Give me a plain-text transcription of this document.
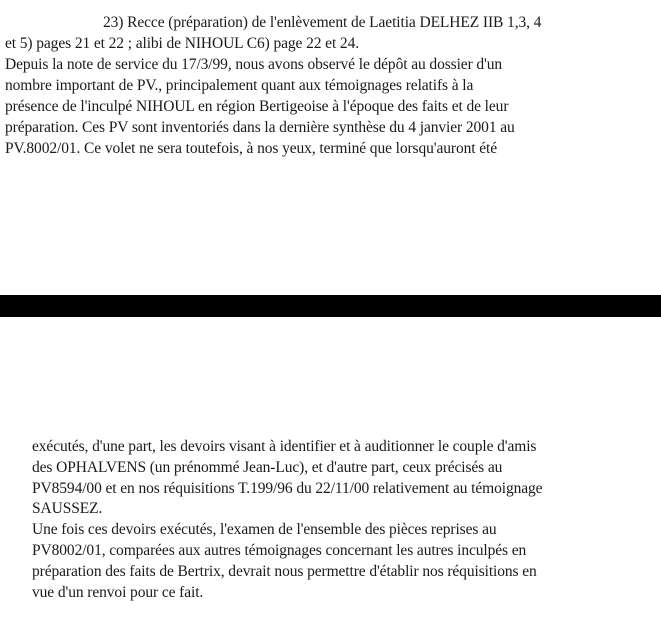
23) Recce (préparation) de l'enlèvement de Laetitia DELHEZ IIB 1,3, 4
et 5) pages 21 et 22 ; alibi de NIHOUL C6) page 22 et 24.
Depuis la note de service du 17/3/99, nous avons observé le dépôt au dossier d'un
nombre important de PV., principalement quant aux témoignages relatifs à la
présence de l'inculpé NIHOUL en région Bertigeoise à l'époque des faits et de leur
préparation. Ces PV sont inventoriés dans la dernière synthèse du 4 janvier 2001 au
PV.8002/01. Ce volet ne sera toutefois, à nos yeux, terminé que lorsqu'auront été
exécutés, d'une part, les devoirs visant à identifier et à auditionner le couple d'amis
des OPHALVENS (un prénommé Jean-Luc), et d'autre part, ceux précisés au
PV8594/00 et en nos réquisitions T.199/96 du 22/11/00 relativement au témoignage
SAUSSEZ.
Une fois ces devoirs exécutés, l'examen de l'ensemble des pièces reprises au
PV8002/01, comparées aux autres témoignages concernant les autres inculpés en
préparation des faits de Bertrix, devrait nous permettre d'établir nos réquisitions en
vue d'un renvoi pour ce fait.
